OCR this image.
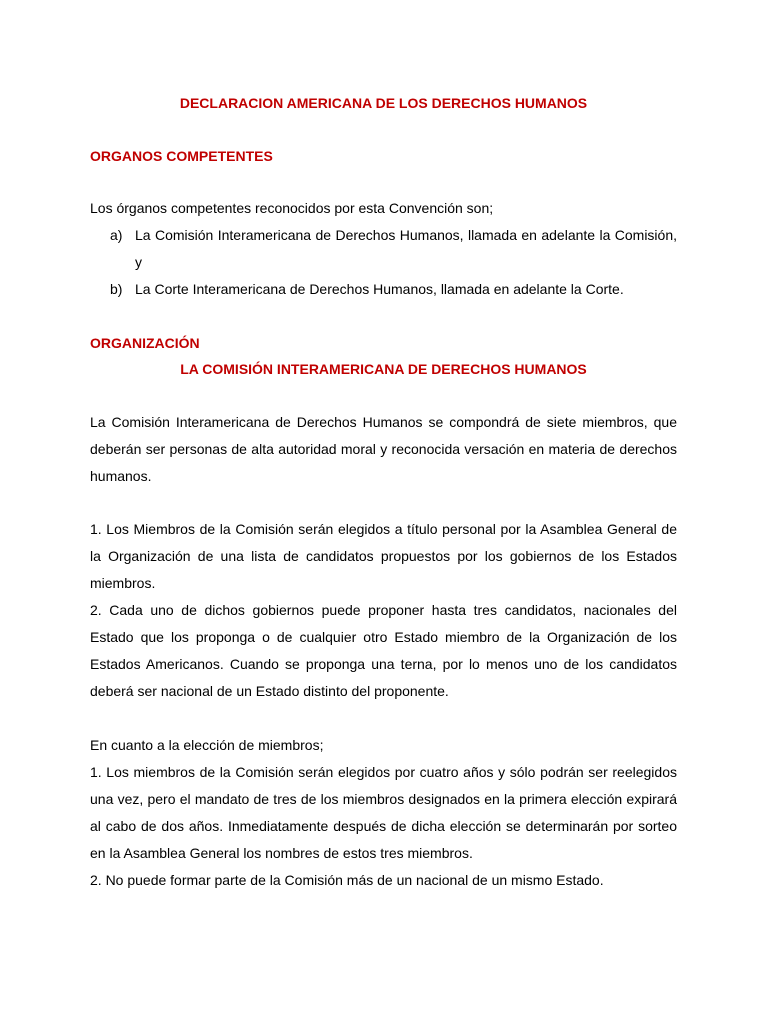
DECLARACION AMERICANA DE LOS DERECHOS HUMANOS
ORGANOS COMPETENTES

Los órganos competentes reconocidos por esta Convención son;

a) La Comisión Interamericana de Derechos Humanos, llamada en adelante la Comisión, y
b) La Corte Interamericana de Derechos Humanos, llamada en adelante la Corte.
ORGANIZACIÓN
LA COMISIÓN INTERAMERICANA DE DERECHOS HUMANOS

La Comisión Interamericana de Derechos Humanos se compondrá de siete miembros, que deberán ser personas de alta autoridad moral y reconocida versación en materia de derechos humanos.

1. Los Miembros de la Comisión serán elegidos a título personal por la Asamblea General de la Organización de una lista de candidatos propuestos por los gobiernos de los Estados miembros.

2. Cada uno de dichos gobiernos puede proponer hasta tres candidatos, nacionales del Estado que los proponga o de cualquier otro Estado miembro de la Organización de los Estados Americanos. Cuando se proponga una terna, por lo menos uno de los candidatos deberá ser nacional de un Estado distinto del proponente.

En cuanto a la elección de miembros;

1. Los miembros de la Comisión serán elegidos por cuatro años y sólo podrán ser reelegidos una vez, pero el mandato de tres de los miembros designados en la primera elección expirará al cabo de dos años. Inmediatamente después de dicha elección se determinarán por sorteo en la Asamblea General los nombres de estos tres miembros.

2. No puede formar parte de la Comisión más de un nacional de un mismo Estado.
